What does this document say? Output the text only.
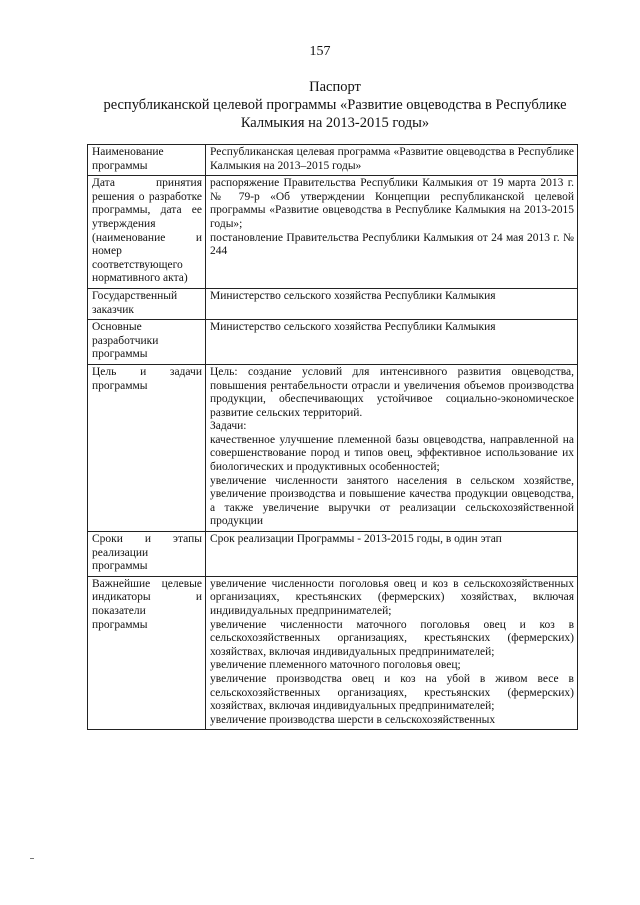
157
Паспорт
республиканской целевой программы «Развитие овцеводства в Республике
Калмыкия на 2013-2015 годы»
Наименование программы	Республиканская целевая программа «Развитие овцеводства в Республике Калмыкия на 2013–2015 годы»

Дата принятия решения о разработке программы, дата ее утверждения (наименование и номер соответствующего нормативного акта)	распоряжение Правительства Республики Калмыкия от 19 марта 2013 г. № 79-р «Об утверждении Концепции республиканской целевой программы «Развитие овцеводства в Республике Калмыкия на 2013-2015 годы»;
постановление Правительства Республики Калмыкия от 24 мая 2013 г. № 244

Государственный заказчик	Министерство сельского хозяйства Республики Калмыкия

Основные разработчики программы	Министерство сельского хозяйства Республики Калмыкия

Цель и задачи программы	Цель: создание условий для интенсивного развития овцеводства, повышения рентабельности отрасли и увеличения объемов производства продукции, обеспечивающих устойчивое социально-экономическое развитие сельских территорий.
Задачи:
качественное улучшение племенной базы овцеводства, направленной на совершенствование пород и типов овец, эффективное использование их биологических и продуктивных особенностей;
увеличение численности занятого населения в сельском хозяйстве, увеличение производства и повышение качества продукции овцеводства, а также увеличение выручки от реализации сельскохозяйственной продукции

Сроки и этапы реализации программы	Срок реализации Программы - 2013-2015 годы, в один этап

Важнейшие целевые индикаторы и показатели программы	увеличение численности поголовья овец и коз в сельскохозяйственных организациях, крестьянских (фермерских) хозяйствах, включая индивидуальных предпринимателей;
увеличение численности маточного поголовья овец и коз в сельскохозяйственных организациях, крестьянских (фермерских) хозяйствах, включая индивидуальных предпринимателей;
увеличение племенного маточного поголовья овец;
увеличение производства овец и коз на убой в живом весе в сельскохозяйственных организациях, крестьянских (фермерских) хозяйствах, включая индивидуальных предпринимателей;
увеличение производства шерсти в сельскохозяйственных
